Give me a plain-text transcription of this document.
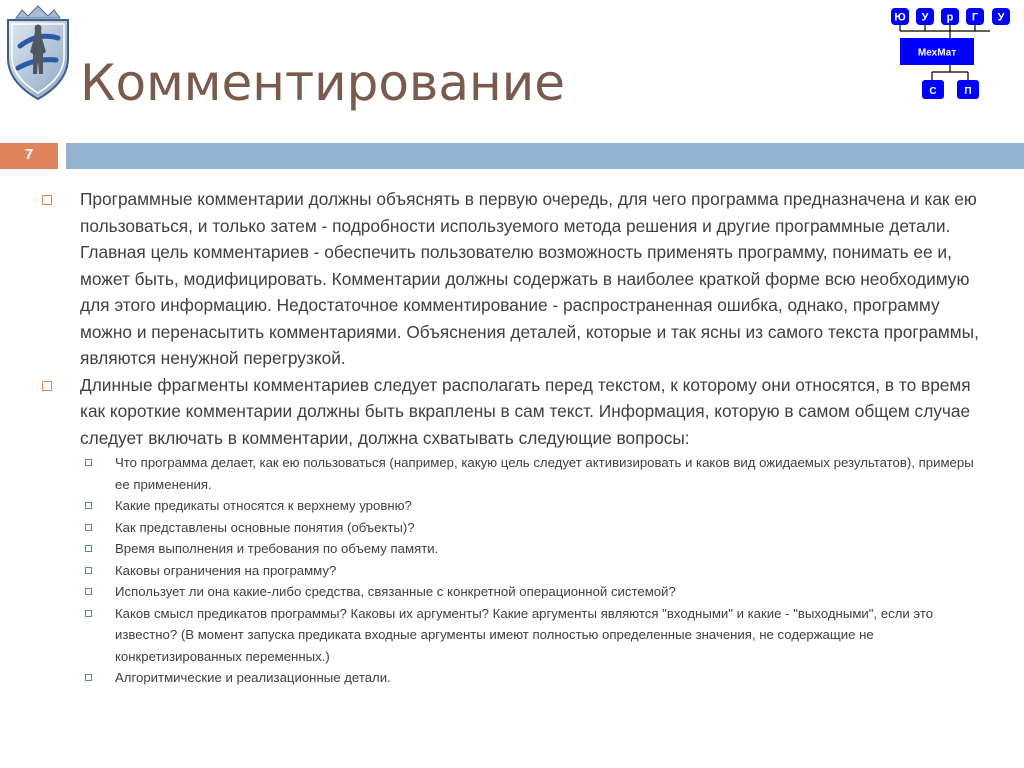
Комментирование
Ю У р Г
МехМат
С	П
У
7
Программные комментарии должны объяснять в первую очередь, для чего программа предназначена и как ею пользоваться, и только затем - подробности используемого метода решения и другие программные детали. Главная цель комментариев - обеспечить пользователю возможность применять программу, понимать ее и, может быть, модифицировать. Комментарии должны содержать в наиболее краткой форме всю необходимую для этого информацию. Недостаточное комментирование - распространенная ошибка, однако, программу можно и перенасытить комментариями. Объяснения деталей, которые и так ясны из самого текста программы, являются ненужной перегрузкой.
Длинные фрагменты комментариев следует располагать перед текстом, к которому они относятся, в то время как короткие комментарии должны быть вкраплены в сам текст. Информация, которую в самом общем случае следует включать в комментарии, должна схватывать следующие вопросы:
Что программа делает, как ею пользоваться (например, какую цель следует активизировать и каков вид ожидаемых результатов), примеры ее применения.
Какие предикаты относятся к верхнему уровню?
Как представлены основные понятия (объекты)?
Время выполнения и требования по объему памяти.
Каковы ограничения на программу?
Использует ли она какие-либо средства, связанные с конкретной операционной системой?
Каков смысл предикатов программы? Каковы их аргументы? Какие аргументы являются "входными" и какие - "выходными", если это известно? (В момент запуска предиката входные аргументы имеют полностью определенные значения, не содержащие не конкретизированных переменных.)
Алгоритмические и реализационные детали.
